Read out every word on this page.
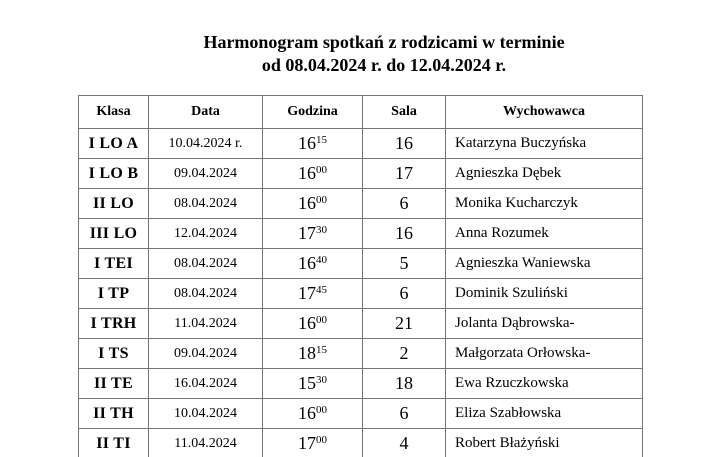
Harmonogram spotkań z rodzicami w terminie
od 08.04.2024 r. do 12.04.2024 r.
Klasa	Data	Godzina	Sala	Wychowawca
I LO A	10.04.2024 r.	$16^{15}$	16	Katarzyna Buczyńska
I LO B	09.04.2024	$16^{00}$	17	Agnieszka Dębek
II LO	08.04.2024	$16^{00}$	6	Monika Kucharczyk
III LO	12.04.2024	$17^{30}$	16	Anna Rozumek
I TEI	08.04.2024	$16^{40}$	5	Agnieszka Waniewska
I TP	08.04.2024	$17^{45}$	6	Dominik Szuliński
I TRH	11.04.2024	$16^{00}$	21	Jolanta Dąbrowska-
I TS	09.04.2024	$18^{15}$	2	Małgorzata Orłowska-
II TE	16.04.2024	$15^{30}$	18	Ewa Rzuczkowska
II TH	10.04.2024	$16^{00}$	6	Eliza Szabłowska
II TI	11.04.2024	$17^{00}$	4	Robert Błażyński
